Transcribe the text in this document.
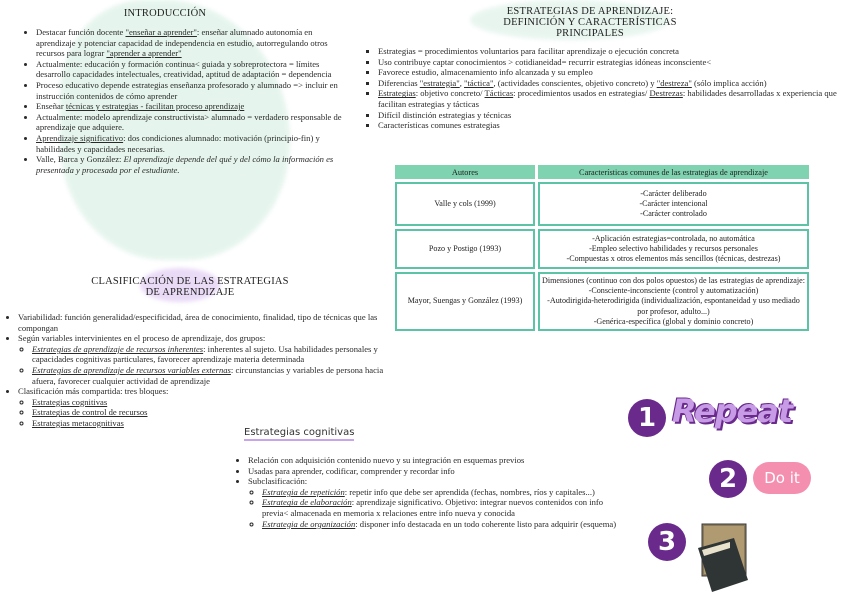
INTRODUCCIÓN
• Destacar función docente "enseñar a aprender": enseñar alumnado autonomía en aprendizaje y potenciar capacidad de independencia en estudio, autorregulando otros recursos para lograr "aprender a aprender"
• Actualmente: educación y formación continua< guiada y sobreprotectora = límites desarrollo capacidades intelectuales, creatividad, aptitud de adaptación = dependencia
• Proceso educativo depende estrategias enseñanza profesorado y alumnado => incluir en instrucción contenidos de cómo aprender
• Enseñar técnicas y estrategias - facilitan proceso aprendizaje
• Actualmente: modelo aprendizaje constructivista> alumnado = verdadero responsable de aprendizaje que adquiere.
• Aprendizaje significativo: dos condiciones alumnado: motivación (principio-fin) y habilidades y capacidades necesarias.
• Valle, Barca y González: El aprendizaje depende del qué y del cómo la información es presentada y procesada por el estudiante.
ESTRATEGIAS DE APRENDIZAJE:
DEFINICIÓN Y CARACTERÍSTICAS
PRINCIPALES
▪ Estrategias = procedimientos voluntarios para facilitar aprendizaje o ejecución concreta
▪ Uso contribuye captar conocimientos > cotidianeidad= recurrir estrategias idóneas inconsciente<
▪ Favorece estudio, almacenamiento info alcanzada y su empleo
▪ Diferencias "estrategia", "táctica", (actividades conscientes, objetivo concreto) y "destreza" (sólo implica acción)
▪ Estrategias: objetivo concreto/ Tácticas: procedimientos usados en estrategias/ Destrezas: habilidades desarrolladas x experiencia que facilitan estrategias y tácticas
▪ Difícil distinción estrategias y técnicas
▪ Características comunes estrategias
Autores	Características comunes de las estrategias de aprendizaje
Valle y cols (1999)	-Carácter deliberado
-Carácter intencional
-Carácter controlado

Pozo y Postigo (1993)	-Aplicación estrategias=controlada, no automática
-Empleo selectivo habilidades y recursos personales
-Compuestas x otros elementos más sencillos (técnicas, destrezas)

Mayor, Suengas y González (1993)	Dimensiones (continuo con dos polos opuestos) de las estrategias de aprendizaje:
-Consciente-inconsciente (control y automatización)
-Autodirigida-heterodirigida (individualización, espontaneidad y uso mediado por profesor, adulto...)
-Genérica-específica (global y dominio concreto)
CLASIFICACIÓN DE LAS ESTRATEGIAS
DE APRENDIZAJE
• Variabilidad: función generalidad/especificidad, área de conocimiento, finalidad, tipo de técnicas que las compongan
• Según variables intervinientes en el proceso de aprendizaje, dos grupos:
◦ Estrategias de aprendizaje de recursos inherentes: inherentes al sujeto. Usa habilidades personales y capacidades cognitivas particulares, favorecer aprendizaje materia determinada
◦ Estrategias de aprendizaje de recursos variables externas: circunstancias y variables de persona hacia afuera, favorecer cualquier actividad de aprendizaje
• Clasificación más compartida: tres bloques:
◦ Estrategias cognitivas
◦ Estrategias de control de recursos
◦ Estrategias metacognitivas
Estrategias cognitivas
• Relación con adquisición contenido nuevo y su integración en esquemas previos
• Usadas para aprender, codificar, comprender y recordar info
• Subclasificación:
◦ Estrategia de repetición: repetir info que debe ser aprendida (fechas, nombres, ríos y capitales...)
◦ Estrategia de elaboración: aprendizaje significativo. Objetivo: integrar nuevos contenidos con info previa< almacenada en memoria x relaciones entre info nueva y conocida
◦ Estrategia de organización: disponer info destacada en un todo coherente listo para adquirir (esquema)
1 Repeat
2	Do it
3
